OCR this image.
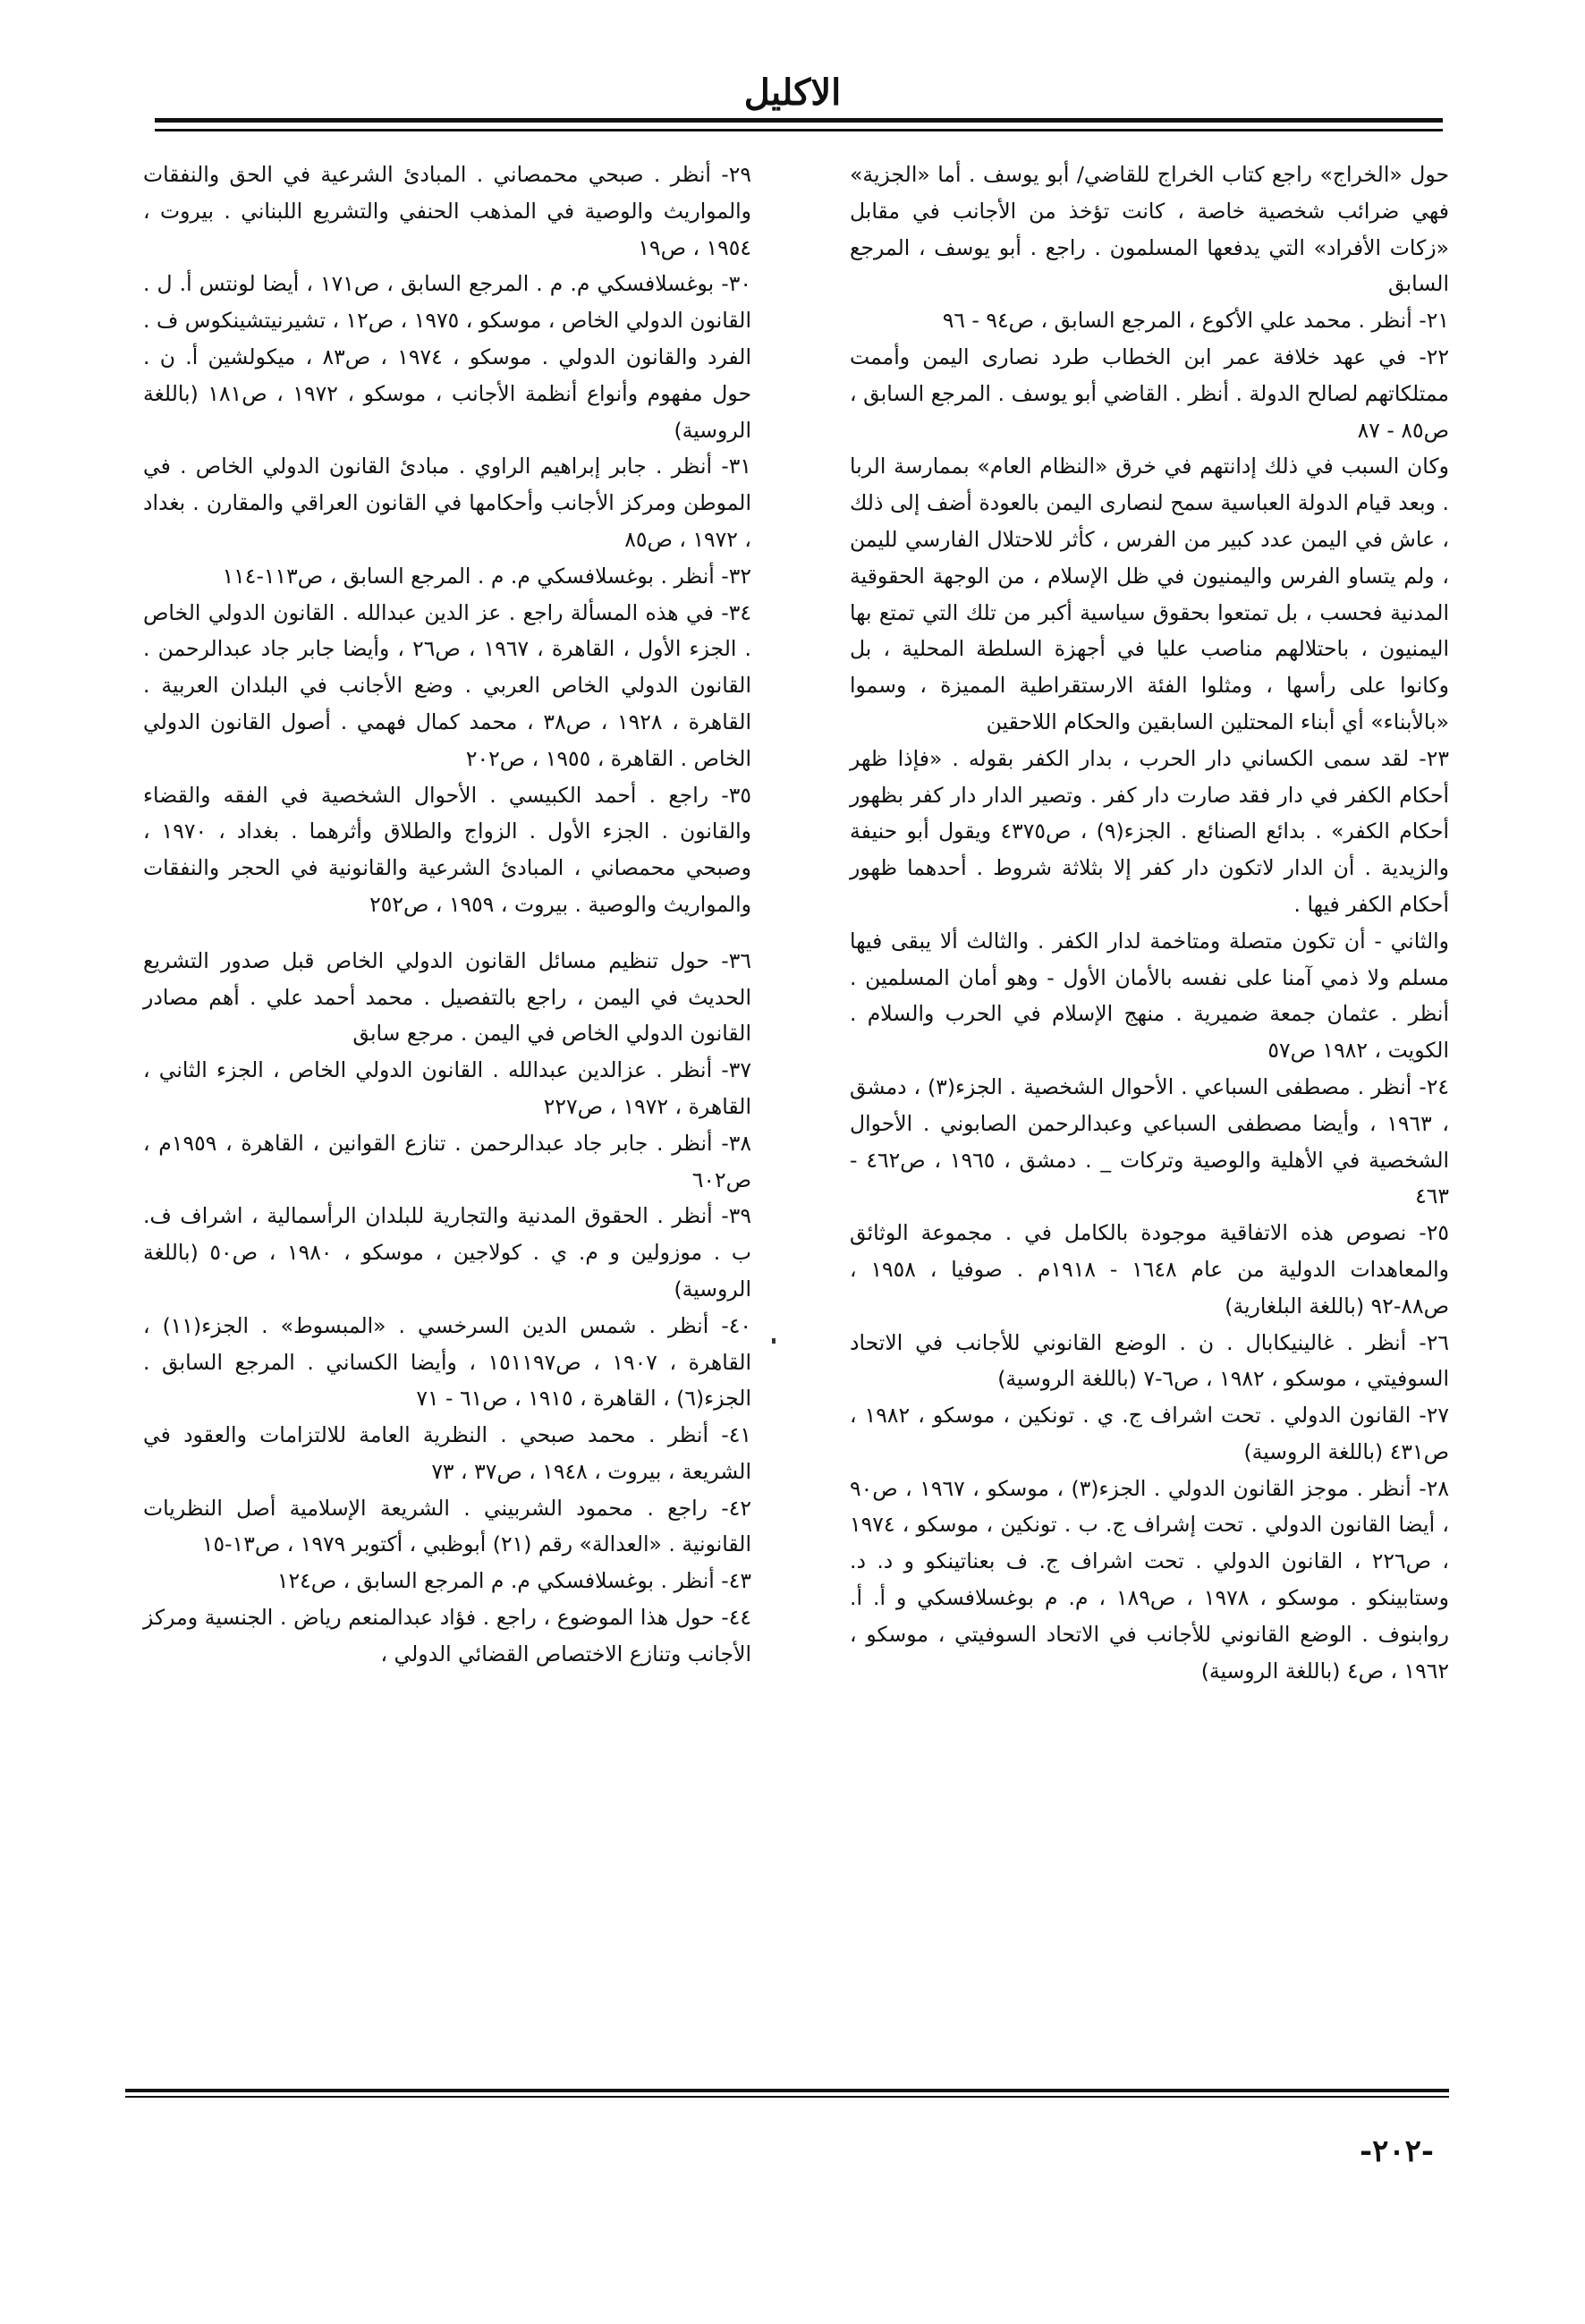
الاكليل

حول «الخراج» راجع كتاب الخراج للقاضي/ أبو يوسف . أما «الجزية» فهي ضرائب شخصية خاصة ، كانت تؤخذ من الأجانب في مقابل «زكات الأفراد» التي يدفعها المسلمون . راجع . أبو يوسف ، المرجع السابق

٢١- أنظر . محمد علي الأكوع ، المرجع السابق ، ص٩٤ - ٩٦

٢٢- في عهد خلافة عمر ابن الخطاب طرد نصارى اليمن وأممت ممتلكاتهم لصالح الدولة . أنظر . القاضي أبو يوسف . المرجع السابق ، ص٨٥ - ٨٧

وكان السبب في ذلك إدانتهم في خرق «النظام العام» بممارسة الربا . وبعد قيام الدولة العباسية سمح لنصارى اليمن بالعودة أضف إلى ذلك ، عاش في اليمن عدد كبير من الفرس ، كأثر للاحتلال الفارسي لليمن ، ولم يتساو الفرس واليمنيون في ظل الإسلام ، من الوجهة الحقوقية المدنية فحسب ، بل تمتعوا بحقوق سياسية أكبر من تلك التي تمتع بها اليمنيون ، باحتلالهم مناصب عليا في أجهزة السلطة المحلية ، بل وكانوا على رأسها ، ومثلوا الفئة الارستقراطية المميزة ، وسموا «بالأبناء» أي أبناء المحتلين السابقين والحكام اللاحقين

٢٣- لقد سمى الكساني دار الحرب ، بدار الكفر بقوله . «فإذا ظهر أحكام الكفر في دار فقد صارت دار كفر . وتصير الدار دار كفر بظهور أحكام الكفر» . بدائع الصنائع . الجزء(٩) ، ص٤٣٧٥ ويقول أبو حنيفة والزيدية . أن الدار لاتكون دار كفر إلا بثلاثة شروط . أحدهما ظهور أحكام الكفر فيها .

والثاني - أن تكون متصلة ومتاخمة لدار الكفر . والثالث ألا يبقى فيها مسلم ولا ذمي آمنا على نفسه بالأمان الأول - وهو أمان المسلمين . أنظر . عثمان جمعة ضميرية . منهج الإسلام في الحرب والسلام . الكويت ، ١٩٨٢ ص٥٧

٢٤- أنظر . مصطفى السباعي . الأحوال الشخصية . الجزء(٣) ، دمشق ، ١٩٦٣ ، وأيضا مصطفى السباعي وعبدالرحمن الصابوني . الأحوال الشخصية في الأهلية والوصية وتركات _ . دمشق ، ١٩٦٥ ، ص٤٦٢ - ٤٦٣

٢٥- نصوص هذه الاتفاقية موجودة بالكامل في . مجموعة الوثائق والمعاهدات الدولية من عام ١٦٤٨ - ١٩١٨م . صوفيا ، ١٩٥٨ ، ص٨٨-٩٢ (باللغة البلغارية)

٢٦- أنظر . غالينيكابال . ن . الوضع القانوني للأجانب في الاتحاد السوفيتي ، موسكو ، ١٩٨٢ ، ص٦-٧ (باللغة الروسية)

٢٧- القانون الدولي . تحت اشراف ج. ي . تونكين ، موسكو ، ١٩٨٢ ، ص٤٣١ (باللغة الروسية)

٢٨- أنظر . موجز القانون الدولي . الجزء(٣) ، موسكو ، ١٩٦٧ ، ص٩٠ ، أيضا القانون الدولي . تحت إشراف ج. ب . تونكين ، موسكو ، ١٩٧٤ ، ص٢٢٦ ، القانون الدولي . تحت اشراف ج. ف بعناتينكو و د. د. وستابينكو . موسكو ، ١٩٧٨ ، ص١٨٩ ، م. م بوغسلافسكي و أ. أ. روابنوف . الوضع القانوني للأجانب في الاتحاد السوفيتي ، موسكو ، ١٩٦٢ ، ص٤ (باللغة الروسية)

٢٩- أنظر . صبحي محمصاني . المبادئ الشرعية في الحق والنفقات والمواريث والوصية في المذهب الحنفي والتشريع اللبناني . بيروت ، ١٩٥٤ ، ص١٩

٣٠- بوغسلافسكي م. م . المرجع السابق ، ص١٧١ ، أيضا لونتس أ. ل . القانون الدولي الخاص ، موسكو ، ١٩٧٥ ، ص١٢ ، تشيرنيتشينكوس ف . الفرد والقانون الدولي . موسكو ، ١٩٧٤ ، ص٨٣ ، ميكولشين أ. ن . حول مفهوم وأنواع أنظمة الأجانب ، موسكو ، ١٩٧٢ ، ص١٨١ (باللغة الروسية)

٣١- أنظر . جابر إبراهيم الراوي . مبادئ القانون الدولي الخاص . في الموطن ومركز الأجانب وأحكامها في القانون العراقي والمقارن . بغداد ، ١٩٧٢ ، ص٨٥

٣٢- أنظر . بوغسلافسكي م. م . المرجع السابق ، ص١١٣-١١٤

٣٤- في هذه المسألة راجع . عز الدين عبدالله . القانون الدولي الخاص . الجزء الأول ، القاهرة ، ١٩٦٧ ، ص٢٦ ، وأيضا جابر جاد عبدالرحمن . القانون الدولي الخاص العربي . وضع الأجانب في البلدان العربية . القاهرة ، ١٩٢٨ ، ص٣٨ ، محمد كمال فهمي . أصول القانون الدولي الخاص . القاهرة ، ١٩٥٥ ، ص٢٠٢

٣٥- راجع . أحمد الكبيسي . الأحوال الشخصية في الفقه والقضاء والقانون . الجزء الأول . الزواج والطلاق وأثرهما . بغداد ، ١٩٧٠ ، وصبحي محمصاني ، المبادئ الشرعية والقانونية في الحجر والنفقات والمواريث والوصية . بيروت ، ١٩٥٩ ، ص٢٥٢

٣٦- حول تنظيم مسائل القانون الدولي الخاص قبل صدور التشريع الحديث في اليمن ، راجع بالتفصيل . محمد أحمد علي . أهم مصادر القانون الدولي الخاص في اليمن . مرجع سابق

٣٧- أنظر . عزالدين عبدالله . القانون الدولي الخاص ، الجزء الثاني ، القاهرة ، ١٩٧٢ ، ص٢٢٧

٣٨- أنظر . جابر جاد عبدالرحمن . تنازع القوانين ، القاهرة ، ١٩٥٩م ، ص٦٠٢

٣٩- أنظر . الحقوق المدنية والتجارية للبلدان الرأسمالية ، اشراف ف. ب . موزولين و م. ي . كولاجين ، موسكو ، ١٩٨٠ ، ص٥٠ (باللغة الروسية)

٤٠- أنظر . شمس الدين السرخسي . «المبسوط» . الجزء(١١) ، القاهرة ، ١٩٠٧ ، ص١٥١١٩٧ ، وأيضا الكساني . المرجع السابق . الجزء(٦) ، القاهرة ، ١٩١٥ ، ص٦١ - ٧١

٤١- أنظر . محمد صبحي . النظرية العامة للالتزامات والعقود في الشريعة ، بيروت ، ١٩٤٨ ، ص٣٧ ، ٧٣

٤٢- راجع . محمود الشربيني . الشريعة الإسلامية أصل النظريات القانونية . «العدالة» رقم (٢١) أبوظبي ، أكتوبر ١٩٧٩ ، ص١٣-١٥

٤٣- أنظر . بوغسلافسكي م. م المرجع السابق ، ص١٢٤

٤٤- حول هذا الموضوع ، راجع . فؤاد عبدالمنعم رياض . الجنسية ومركز الأجانب وتنازع الاختصاص القضائي الدولي ،

-٢٠٢-
